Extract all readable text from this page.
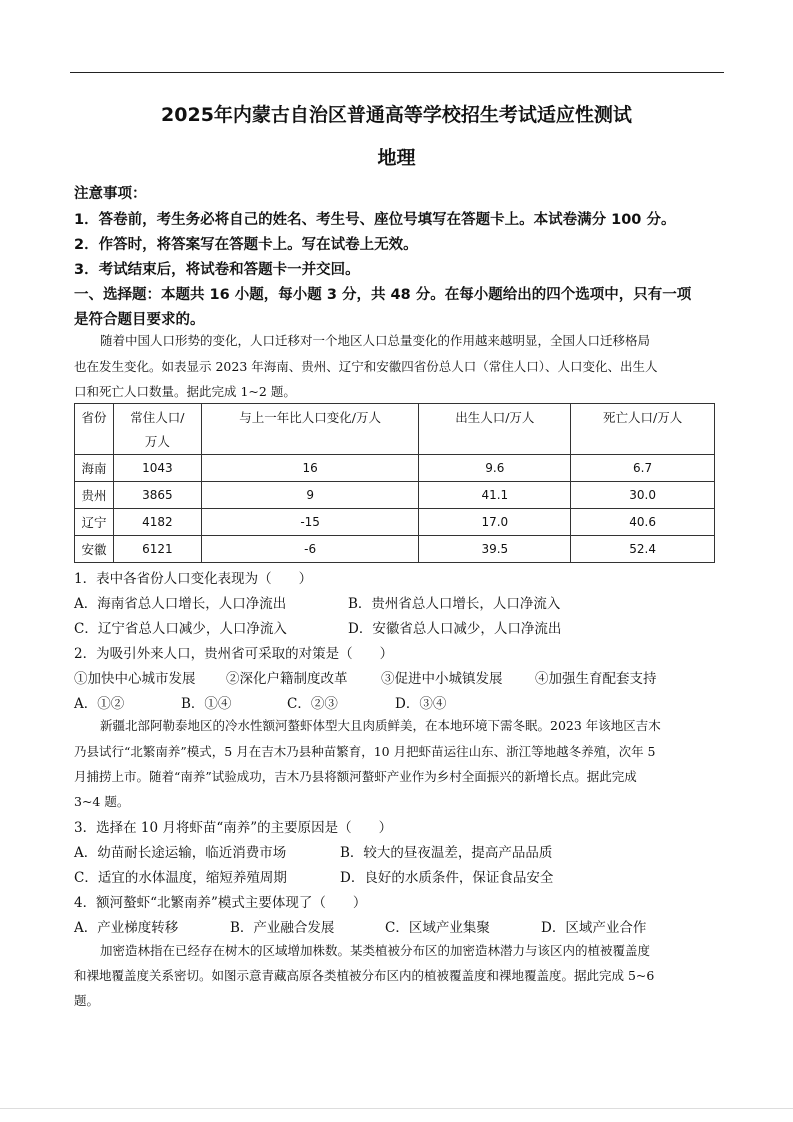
2025年内蒙古自治区普通高等学校招生考试适应性测试
地理
注意事项：
1．答卷前，考生务必将自己的姓名、考生号、座位号填写在答题卡上。本试卷满分 100 分。
2．作答时，将答案写在答题卡上。写在试卷上无效。
3．考试结束后，将试卷和答题卡一并交回。
一、选择题：本题共 16 小题，每小题 3 分，共 48 分。在每小题给出的四个选项中，只有一项
是符合题目要求的。
随着中国人口形势的变化，人口迁移对一个地区人口总量变化的作用越来越明显，全国人口迁移格局
也在发生变化。如表显示 2023 年海南、贵州、辽宁和安徽四省份总人口（常住人口）、人口变化、出生人
口和死亡人口数量。据此完成 1~2 题。
省份	常住人口/万人	与上一年比人口变化/万人	出生人口/万人	死亡人口/万人
海南	1043	16	9.6	6.7
贵州	3865	9	41.1	30.0
辽宁	4182	-15	17.0	40.6
安徽	6121	-6	39.5	52.4
1．表中各省份人口变化表现为（　　）
A．海南省总人口增长，人口净流出	B．贵州省总人口增长，人口净流入
C．辽宁省总人口减少，人口净流入	D．安徽省总人口减少，人口净流出
2．为吸引外来人口，贵州省可采取的对策是（　　）
①加快中心城市发展 ②深化户籍制度改革 ③促进中小城镇发展 ④加强生育配套支持
A．①②	B．①④	C．②③	D．③④
新疆北部阿勒泰地区的冷水性额河螯虾体型大且肉质鲜美，在本地环境下需冬眠。2023 年该地区吉木
乃县试行“北繁南养”模式，5 月在吉木乃县种苗繁育，10 月把虾苗运往山东、浙江等地越冬养殖，次年 5
月捕捞上市。随着“南养”试验成功，吉木乃县将额河螯虾产业作为乡村全面振兴的新增长点。据此完成
3~4 题。
3．选择在 10 月将虾苗“南养”的主要原因是（　　）
A．幼苗耐长途运输，临近消费市场	B．较大的昼夜温差，提高产品品质
C．适宜的水体温度，缩短养殖周期	D．良好的水质条件，保证食品安全
4．额河螯虾“北繁南养”模式主要体现了（　　）
A．产业梯度转移	B．产业融合发展	C．区域产业集聚	D．区域产业合作
加密造林指在已经存在树木的区域增加株数。某类植被分布区的加密造林潜力与该区内的植被覆盖度
和裸地覆盖度关系密切。如图示意青藏高原各类植被分布区内的植被覆盖度和裸地覆盖度。据此完成 5~6
题。
